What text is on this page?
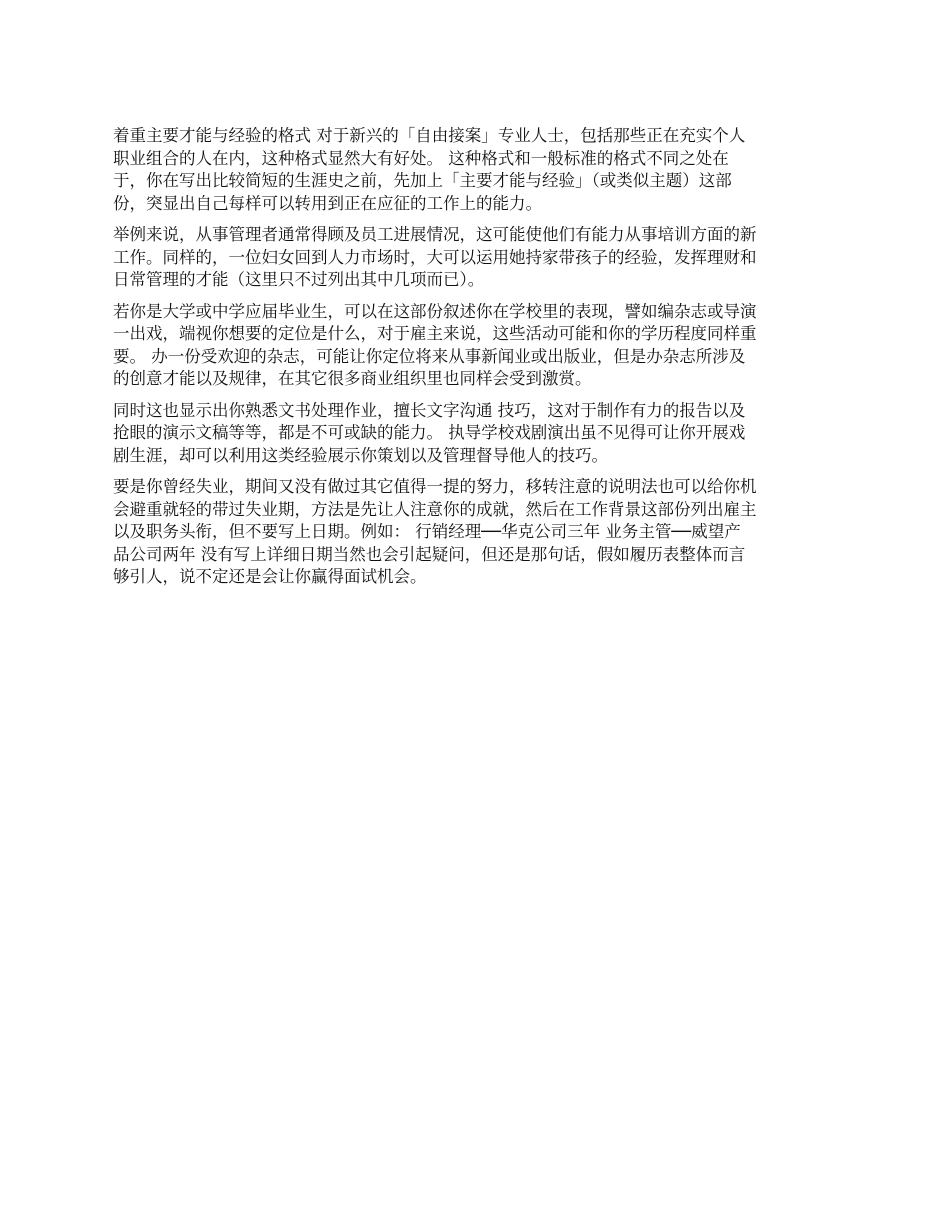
着重主要才能与经验的格式 对于新兴的「自由接案」专业人士，包括那些正在充实个人
职业组合的人在内，这种格式显然大有好处。 这种格式和一般标准的格式不同之处在
于，你在写出比较简短的生涯史之前，先加上「主要才能与经验」（或类似主题）这部
份，突显出自己每样可以转用到正在应征的工作上的能力。

举例来说，从事管理者通常得顾及员工进展情况，这可能使他们有能力从事培训方面的新
工作。同样的，一位妇女回到人力市场时，大可以运用她持家带孩子的经验，发挥理财和
日常管理的才能（这里只不过列出其中几项而已）。

若你是大学或中学应届毕业生，可以在这部份叙述你在学校里的表现，譬如编杂志或导演
一出戏，端视你想要的定位是什么，对于雇主来说，这些活动可能和你的学历程度同样重
要。 办一份受欢迎的杂志，可能让你定位将来从事新闻业或出版业，但是办杂志所涉及
的创意才能以及规律，在其它很多商业组织里也同样会受到激赏。

同时这也显示出你熟悉文书处理作业，擅长文字沟通 技巧，这对于制作有力的报告以及
抢眼的演示文稿等等，都是不可或缺的能力。 执导学校戏剧演出虽不见得可让你开展戏
剧生涯，却可以利用这类经验展示你策划以及管理督导他人的技巧。

要是你曾经失业，期间又没有做过其它值得一提的努力，移转注意的说明法也可以给你机
会避重就轻的带过失业期，方法是先让人注意你的成就，然后在工作背景这部份列出雇主
以及职务头衔，但不要写上日期。例如： 行销经理──华克公司三年 业务主管──威望产
品公司两年 没有写上详细日期当然也会引起疑问，但还是那句话，假如履历表整体而言
够引人，说不定还是会让你赢得面试机会。
